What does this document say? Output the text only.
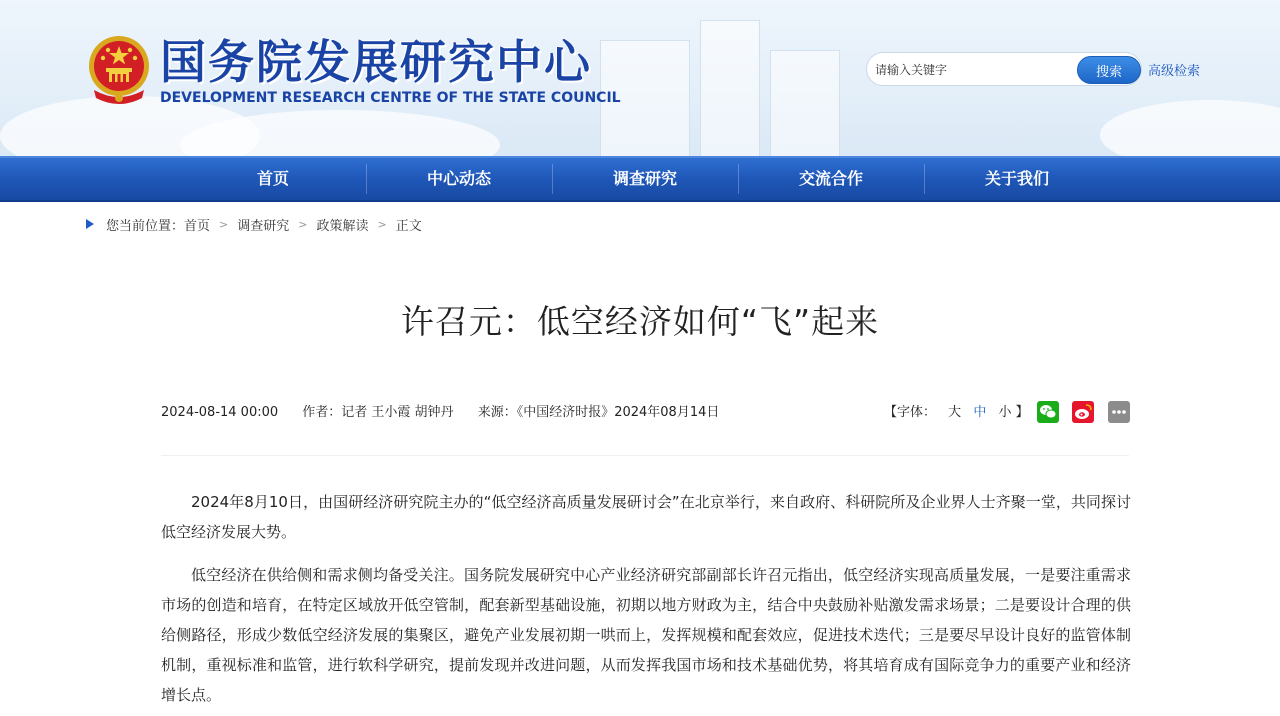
国务院发展研究中心
DEVELOPMENT RESEARCH CENTRE OF THE STATE COUNCIL
请输入关键字
搜索	高级检索
首页	中心动态	调查研究	交流合作	关于我们
您当前位置： 首页 > 调查研究 > 政策解读 > 正文
许召元：低空经济如何“飞”起来
2024-08-14 00:00 作者：记者 王小霞 胡钟丹 来源：《中国经济时报》2024年08月14日	【字体： 大 中 小 】

2024年8月10日，由国研经济研究院主办的“低空经济高质量发展研讨会”在北京举行，来自政府、科研院所及企业界人士齐聚一堂，共同探讨低空经济发展大势。

低空经济在供给侧和需求侧均备受关注。国务院发展研究中心产业经济研究部副部长许召元指出，低空经济实现高质量发展，一是要注重需求市场的创造和培育，在特定区域放开低空管制，配套新型基础设施，初期以地方财政为主，结合中央鼓励补贴激发需求场景；二是要设计合理的供给侧路径，形成少数低空经济发展的集聚区，避免产业发展初期一哄而上，发挥规模和配套效应，促进技术迭代；三是要尽早设计良好的监管体制机制，重视标准和监管，进行软科学研究，提前发现并改进问题，从而发挥我国市场和技术基础优势，将其培育成有国际竞争力的重要产业和经济增长点。
